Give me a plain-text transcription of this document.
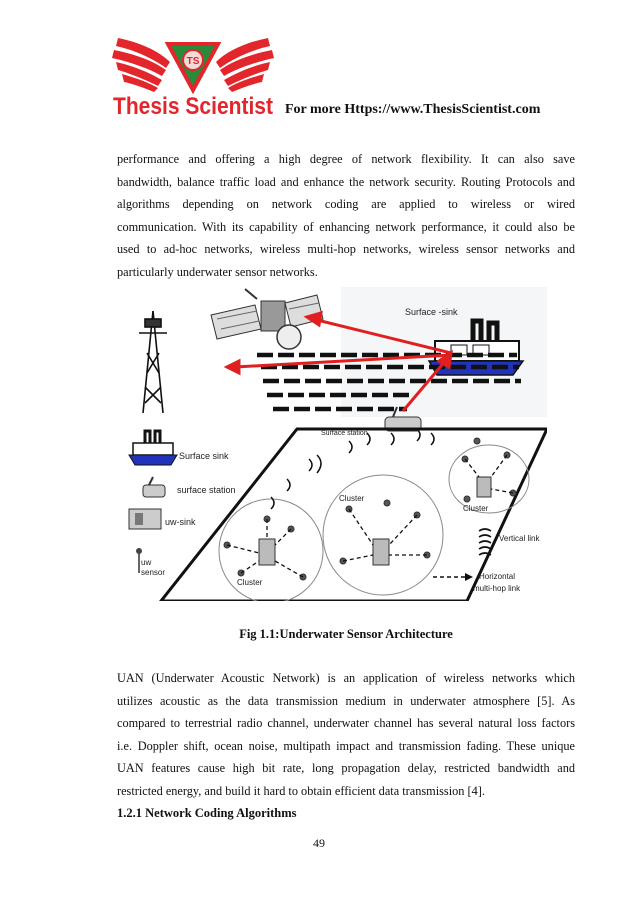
TS
Thesis Scientist For more Https://www.ThesisScientist.com
performance and offering a high degree of network flexibility. It can also save
bandwidth, balance traffic load and enhance the network security. Routing Protocols and
algorithms depending on network coding are applied to wireless or wired
communication. With its capability of enhancing network performance, it could also be
used to ad-hoc networks, wireless multi-hop networks, wireless sensor networks and
particularly underwater sensor networks.
Surface -sink
Surface station
Surface sink
surface station
uw-sink
uw
sensor
Vertical link
Horizontal
multi-hop link
Cluster
Cluster
Cluster
Fig 1.1:Underwater Sensor Architecture
UAN (Underwater Acoustic Network) is an application of wireless networks which
utilizes acoustic as the data transmission medium in underwater atmosphere [5]. As
compared to terrestrial radio channel, underwater channel has several natural loss factors
i.e. Doppler shift, ocean noise, multipath impact and transmission fading. These unique
UAN features cause high bit rate, long propagation delay, restricted bandwidth and
restricted energy, and build it hard to obtain efficient data transmission [4].
1.2.1 Network Coding Algorithms
49
